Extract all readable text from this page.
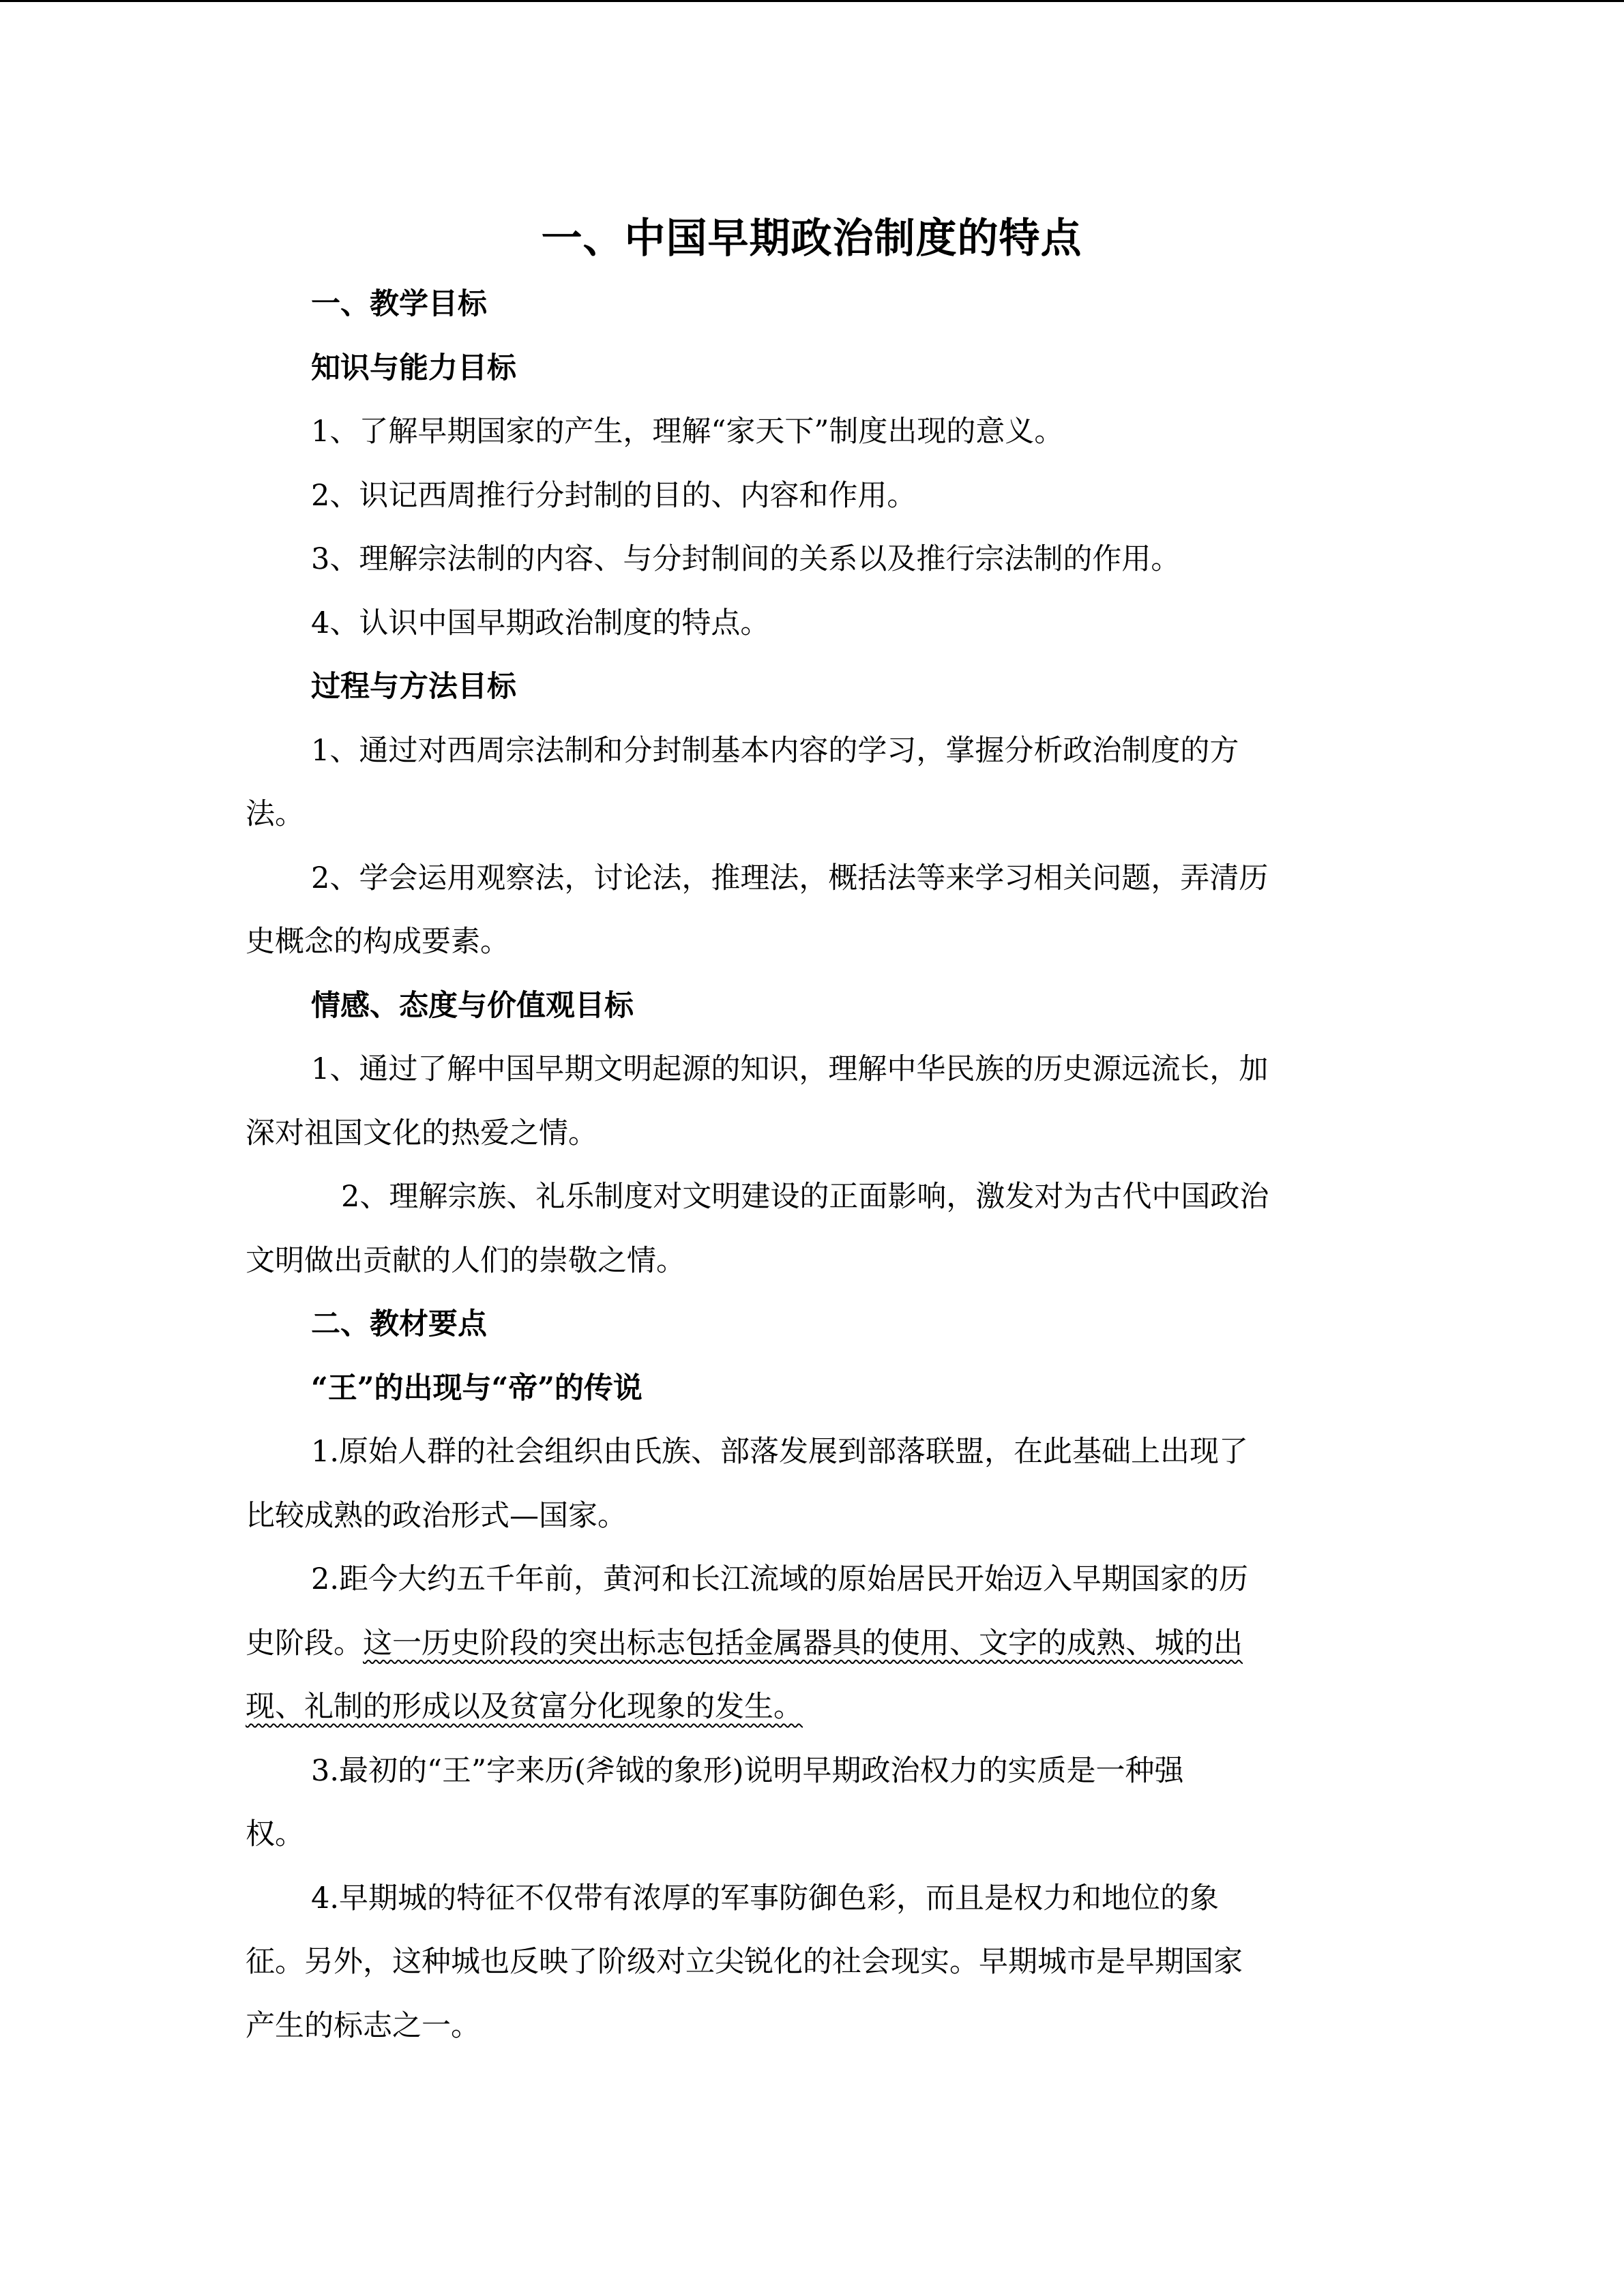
一、中国早期政治制度的特点

一、教学目标

知识与能力目标

1、了解早期国家的产生，理解“家天下”制度出现的意义。

2、识记西周推行分封制的目的、内容和作用。

3、理解宗法制的内容、与分封制间的关系以及推行宗法制的作用。

4、认识中国早期政治制度的特点。

过程与方法目标

1、通过对西周宗法制和分封制基本内容的学习，掌握分析政治制度的方

法。

2、学会运用观察法，讨论法，推理法，概括法等来学习相关问题，弄清历

史概念的构成要素。

情感、态度与价值观目标

1、通过了解中国早期文明起源的知识，理解中华民族的历史源远流长，加

深对祖国文化的热爱之情。

2、理解宗族、礼乐制度对文明建设的正面影响，激发对为古代中国政治

文明做出贡献的人们的崇敬之情。

二、教材要点

“王”的出现与“帝”的传说

1.原始人群的社会组织由氏族、部落发展到部落联盟，在此基础上出现了

比较成熟的政治形式—国家。

2.距今大约五千年前，黄河和长江流域的原始居民开始迈入早期国家的历

史阶段。这一历史阶段的突出标志包括金属器具的使用、文字的成熟、城的出

现、礼制的形成以及贫富分化现象的发生。

3.最初的“王”字来历(斧钺的象形)说明早期政治权力的实质是一种强

权。

4.早期城的特征不仅带有浓厚的军事防御色彩，而且是权力和地位的象

征。另外，这种城也反映了阶级对立尖锐化的社会现实。早期城市是早期国家

产生的标志之一。
